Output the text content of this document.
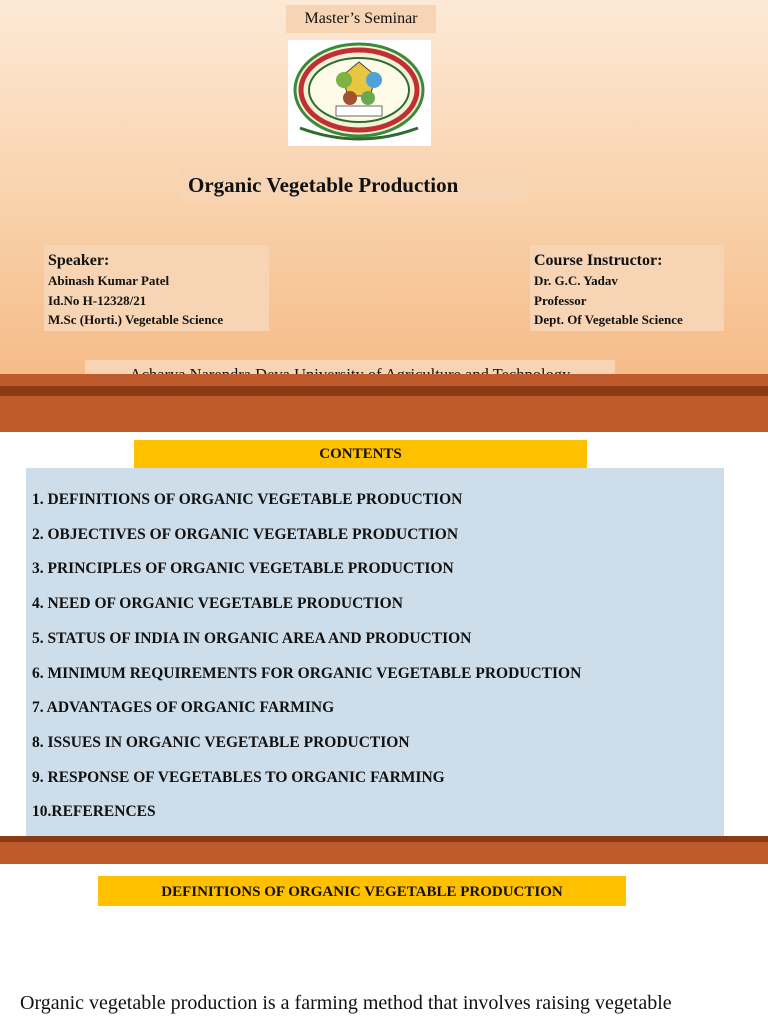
Master’s Seminar
Organic Vegetable Production
Speaker:
Abinash Kumar Patel
Id.No H-12328/21
M.Sc (Horti.) Vegetable Science
Course Instructor:
Dr. G.C. Yadav
Professor
Dept. Of Vegetable Science
CONTENTS
1. DEFINITIONS OF ORGANIC VEGETABLE PRODUCTION
2. OBJECTIVES OF ORGANIC VEGETABLE PRODUCTION
3. PRINCIPLES OF ORGANIC VEGETABLE PRODUCTION
4. NEED OF ORGANIC VEGETABLE PRODUCTION
5. STATUS OF INDIA IN ORGANIC AREA AND PRODUCTION
6. MINIMUM REQUIREMENTS FOR ORGANIC VEGETABLE PRODUCTION
7. ADVANTAGES OF ORGANIC FARMING
8. ISSUES IN ORGANIC VEGETABLE PRODUCTION
9. RESPONSE OF VEGETABLES TO ORGANIC FARMING
10.REFERENCES
DEFINITIONS OF ORGANIC VEGETABLE PRODUCTION
Organic vegetable production is a farming method that involves raising vegetable
